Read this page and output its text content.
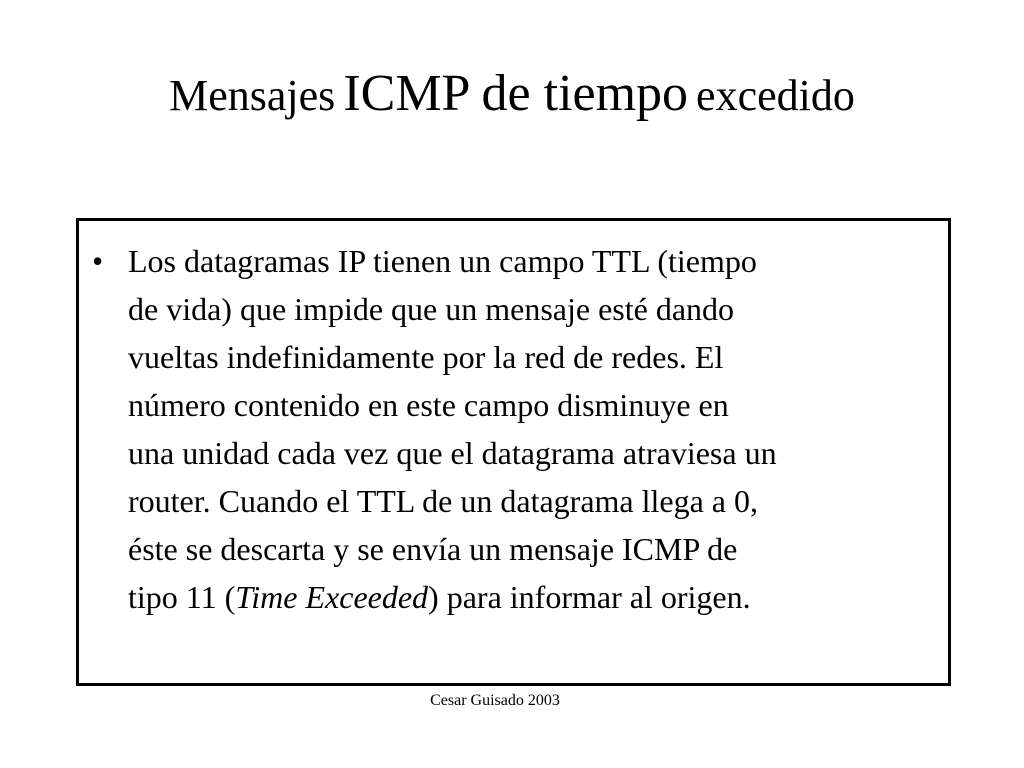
Mensajes ICMP de tiempo excedido
• Los datagramas IP tienen un campo TTL (tiempo
de vida) que impide que un mensaje esté dando
vueltas indefinidamente por la red de redes. El
número contenido en este campo disminuye en
una unidad cada vez que el datagrama atraviesa un
router. Cuando el TTL de un datagrama llega a 0,
éste se descarta y se envía un mensaje ICMP de
tipo 11 (Time Exceeded) para informar al origen.
Cesar Guisado 2003
